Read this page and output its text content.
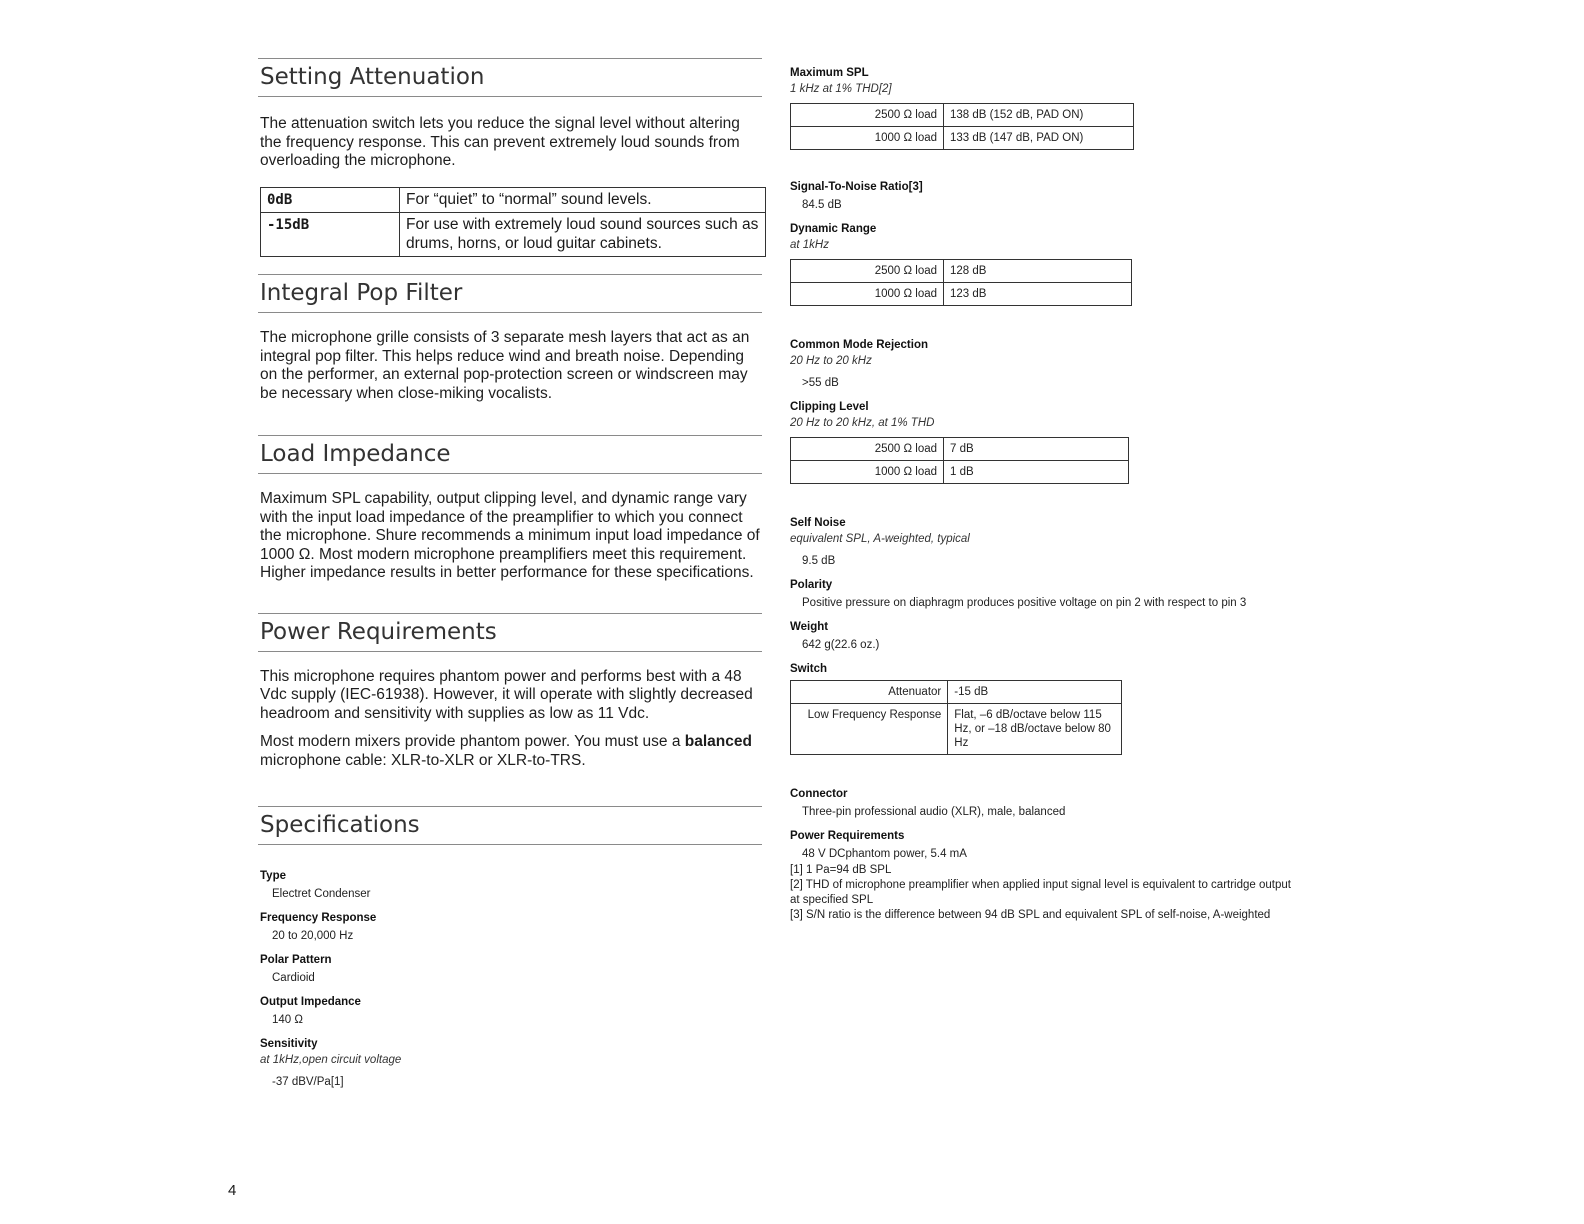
Setting Attenuation

The attenuation switch lets you reduce the signal level without altering the frequency response. This can prevent extremely loud sounds from overloading the microphone.

0dB	For “quiet” to “normal” sound levels.
-15dB	For use with extremely loud sound sources such as drums, horns, or loud guitar cabinets.
Integral Pop Filter

The microphone grille consists of 3 separate mesh layers that act as an integral pop filter. This helps reduce wind and breath noise. Depending on the performer, an external pop-protection screen or windscreen may be necessary when close-miking vocalists.

Load Impedance

Maximum SPL capability, output clipping level, and dynamic range vary with the input load impedance of the preamplifier to which you connect the microphone. Shure recommends a minimum input load impedance of 1000 Ω. Most modern microphone preamplifiers meet this requirement. Higher impedance results in better performance for these specifications.

Power Requirements

This microphone requires phantom power and performs best with a 48 Vdc supply (IEC-61938). However, it will operate with slightly decreased headroom and sensitivity with supplies as low as 11 Vdc.

Most modern mixers provide phantom power. You must use a balanced microphone cable: XLR-to-XLR or XLR-to-TRS.

Specifications
Type
Electret Condenser
Frequency Response
20 to 20,000 Hz
Polar Pattern
Cardioid
Output Impedance
140 Ω
Sensitivity
at 1kHz,open circuit voltage
-37 dBV/Pa[1]
Maximum SPL
1 kHz at 1% THD[2]
2500 Ω load	138 dB (152 dB, PAD ON)
1000 Ω load	133 dB (147 dB, PAD ON)
Signal-To-Noise Ratio[3]
84.5 dB
Dynamic Range
at 1kHz
2500 Ω load	128 dB
1000 Ω load	123 dB
Common Mode Rejection
20 Hz to 20 kHz
>55 dB
Clipping Level
20 Hz to 20 kHz, at 1% THD
2500 Ω load	7 dB
1000 Ω load	1 dB
Self Noise
equivalent SPL, A-weighted, typical
9.5 dB
Polarity
Positive pressure on diaphragm produces positive voltage on pin 2 with respect to pin 3
Weight
642 g(22.6 oz.)
Switch
Attenuator	-15 dB
Low Frequency Response	Flat, –6 dB/octave below 115 Hz, or –18 dB/octave below 80 Hz
Connector
Three-pin professional audio (XLR), male, balanced
Power Requirements
48 V DCphantom power, 5.4 mA
[1] 1 Pa=94 dB SPL
[2] THD of microphone preamplifier when applied input signal level is equivalent to cartridge output at specified SPL
[3] S/N ratio is the difference between 94 dB SPL and equivalent SPL of self-noise, A-weighted
4
